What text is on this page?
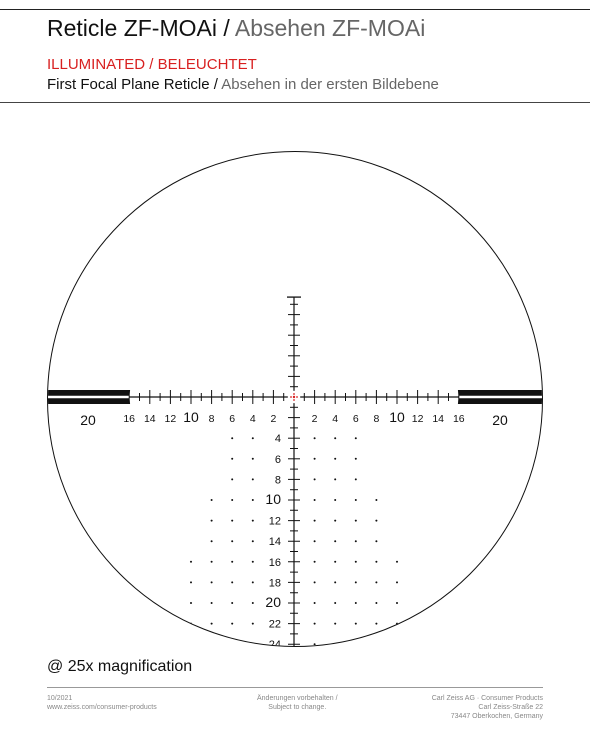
Reticle ZF-MOAi / Absehen ZF-MOAi
ILLUMINATED / BELEUCHTET
First Focal Plane Reticle / Absehen in der ersten Bildebene
2	2
4	4
6	6
8	8
10	10
12	12
14	14
16	16
20	20
4
6
8
10
12
14
16
18
20
22
24
@ 25x magnification
10/2021
www.zeiss.com/consumer-products
Änderungen vorbehalten /
Subject to change.
Carl Zeiss AG · Consumer Products
Carl Zeiss-Straße 22
73447 Oberkochen, Germany
